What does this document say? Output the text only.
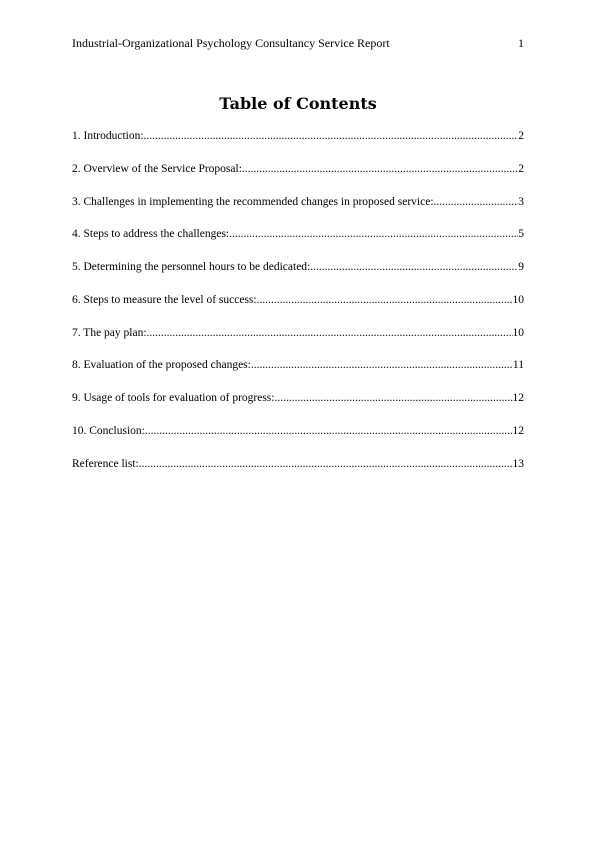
Industrial-Organizational Psychology Consultancy Service Report	1
Table of Contents
1. Introduction: .....	2
2. Overview of the Service Proposal: .....	2
3. Challenges in implementing the recommended changes in proposed service: .....	3
4. Steps to address the challenges: .....	5
5. Determining the personnel hours to be dedicated: .....	9
6. Steps to measure the level of success: .....	10
7. The pay plan: .....	10
8. Evaluation of the proposed changes: .....	11
9. Usage of tools for evaluation of progress: .....	12
10. Conclusion: .....	12
Reference list: .....	13
